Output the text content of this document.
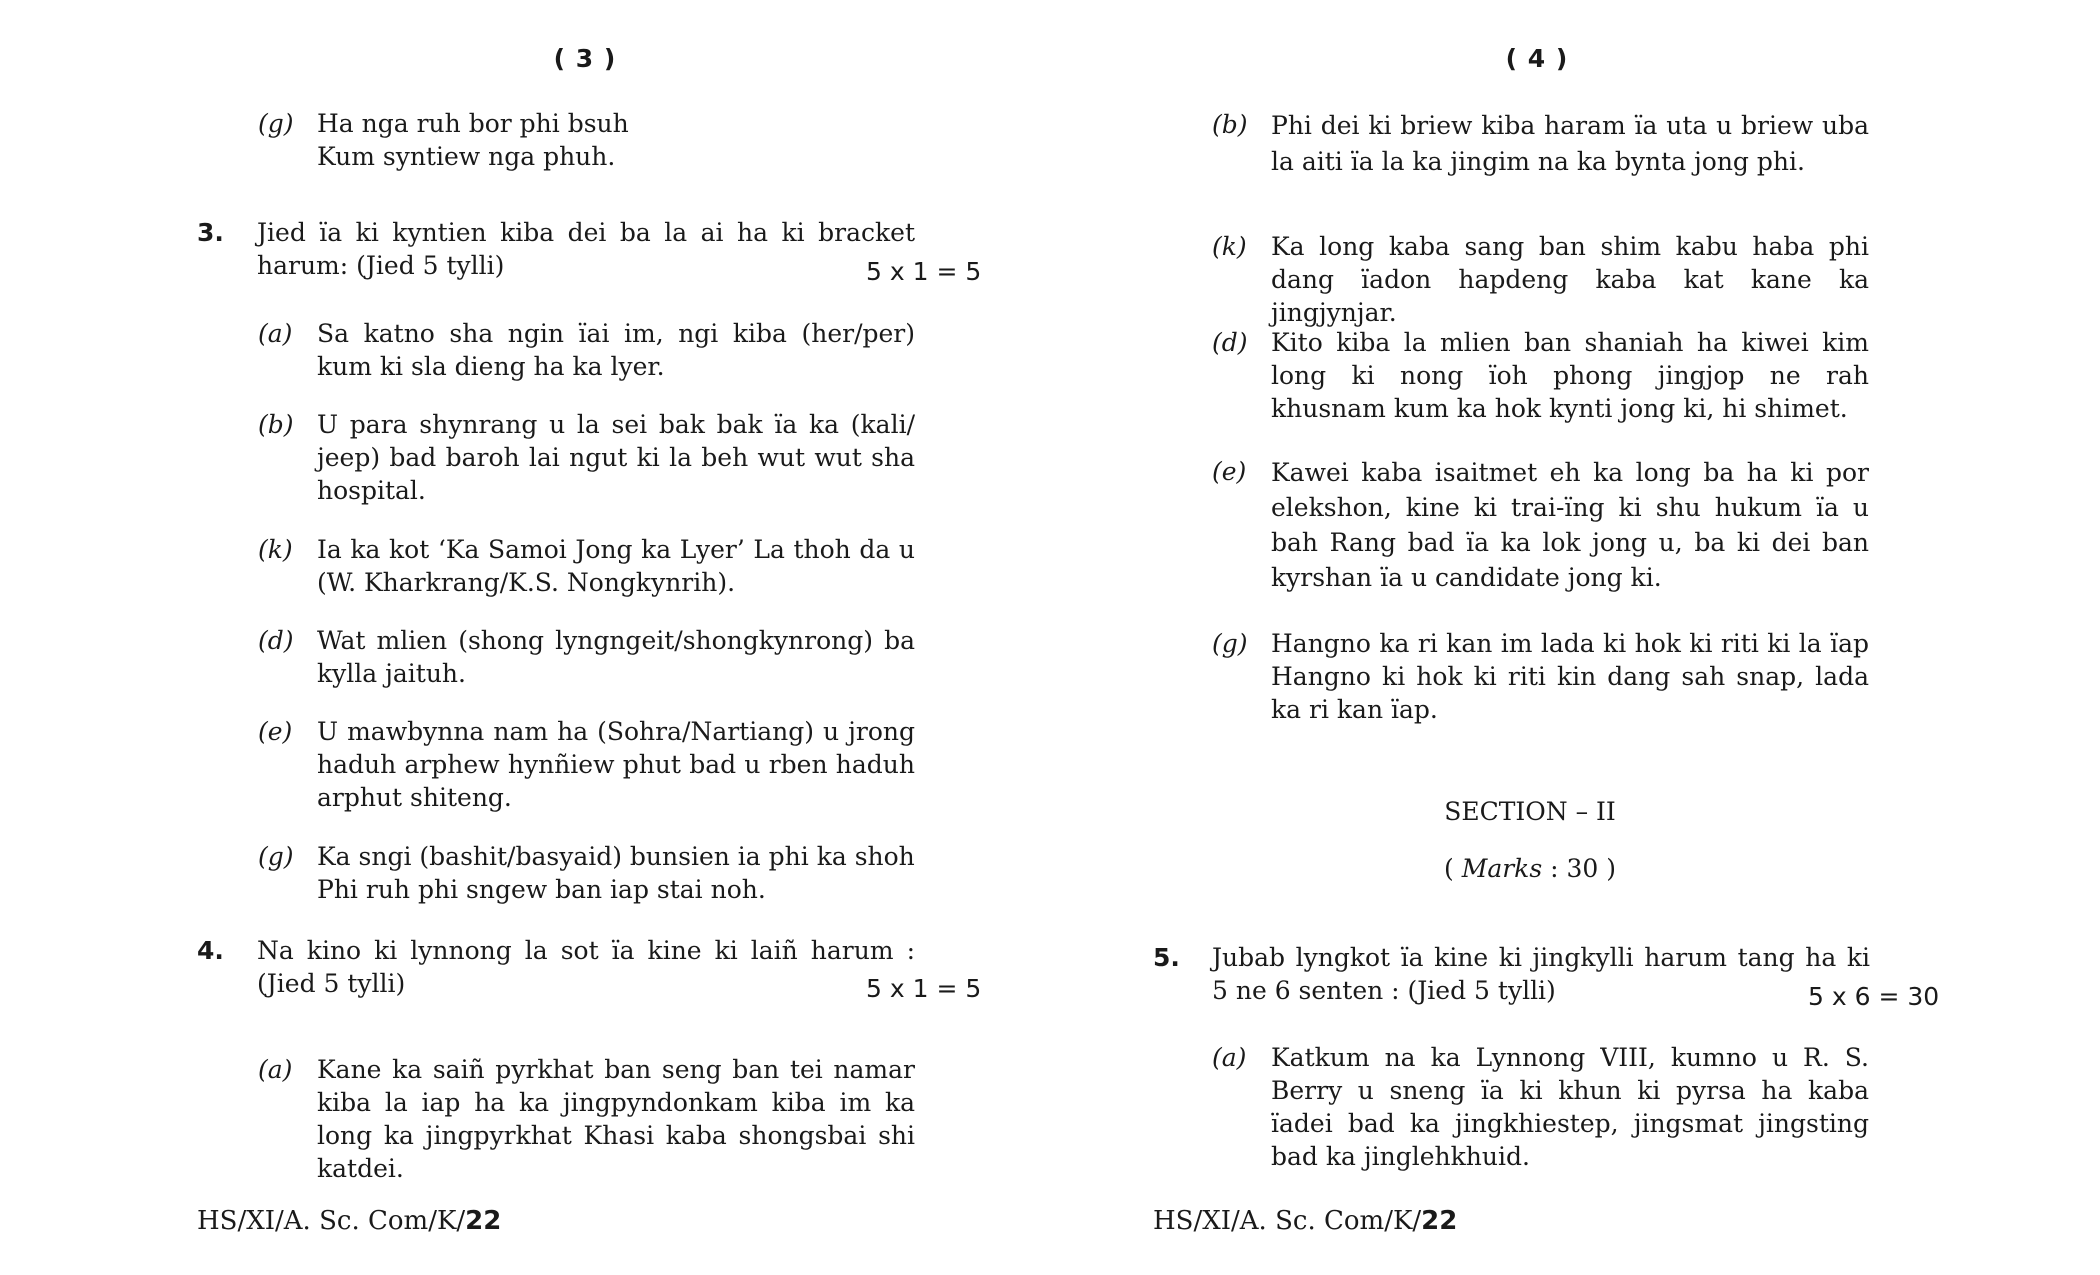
( 3 )
(g) Ha nga ruh bor phi bsuh
Kum syntiew nga phuh.
3. Jied ïa ki kyntien kiba dei ba la ai ha ki bracket harum: (Jied 5 tylli)	5 x 1 = 5
(a) Sa katno sha ngin ïai im, ngi kiba (her/per) kum ki sla dieng ha ka lyer.
(b) U para shynrang u la sei bak bak ïa ka (kali/ jeep) bad baroh lai ngut ki la beh wut wut sha hospital.
(k) Ia ka kot ‘Ka Samoi Jong ka Lyer’ La thoh da u (W. Kharkrang/K.S. Nongkynrih).
(d) Wat mlien (shong lyngngeit/shongkynrong) ba kylla jaituh.
(e) U mawbynna nam ha (Sohra/Nartiang) u jrong haduh arphew hynñiew phut bad u rben haduh arphut shiteng.
(g) Ka sngi (bashit/basyaid) bunsien ia phi ka shoh Phi ruh phi sngew ban iap stai noh.
4. Na kino ki lynnong la sot ïa kine ki laiñ harum : (Jied 5 tylli)	5 x 1 = 5
(a) Kane ka saiñ pyrkhat ban seng ban tei namar kiba la iap ha ka jingpyndonkam kiba im ka long ka jingpyrkhat Khasi kaba shongsbai shi katdei.
HS/XI/A. Sc. Com/K/22
( 4 )
(b) Phi dei ki briew kiba haram ïa uta u briew uba la aiti ïa la ka jingim na ka bynta jong phi.
(k) Ka long kaba sang ban shim kabu haba phi dang ïadon hapdeng kaba kat kane ka jingjynjar.
(d) Kito kiba la mlien ban shaniah ha kiwei kim long ki nong ïoh phong jingjop ne rah khusnam kum ka hok kynti jong ki, hi shimet.
(e) Kawei kaba isaitmet eh ka long ba ha ki por elekshon, kine ki trai-ïng ki shu hukum ïa u bah Rang bad ïa ka lok jong u, ba ki dei ban kyrshan ïa u candidate jong ki.
(g) Hangno ka ri kan im lada ki hok ki riti ki la ïap Hangno ki hok ki riti kin dang sah snap, lada ka ri kan ïap.
SECTION – II
( Marks : 30 )
5. Jubab lyngkot ïa kine ki jingkylli harum tang ha ki 5 ne 6 senten : (Jied 5 tylli)	5 x 6 = 30
(a) Katkum na ka Lynnong VIII, kumno u R. S. Berry u sneng ïa ki khun ki pyrsa ha kaba ïadei bad ka jingkhiestep, jingsmat jingsting bad ka jinglehkhuid.
HS/XI/A. Sc. Com/K/22
